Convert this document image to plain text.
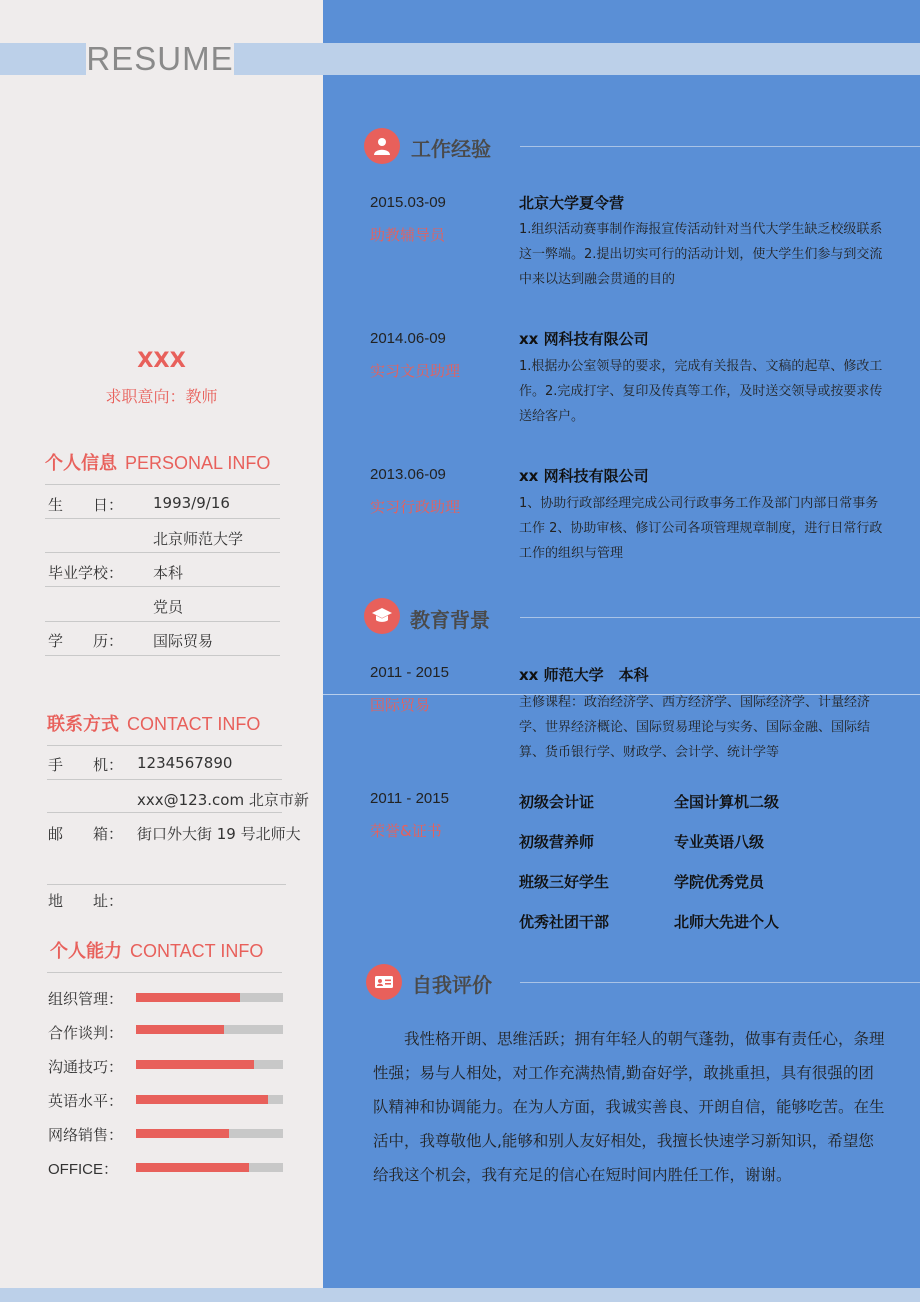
RESUME
XXX
求职意向：教师
个人信息 PERSONAL INFO
生　　日： 1993/9/16
北京师范大学
毕业学校： 本科
党员
学　　历： 国际贸易
联系方式 CONTACT INFO
手　　机： 1234567890
xxx@123.com 北京市新
邮　　箱： 街口外大街 19 号北师大
地　　址：
个人能力 CONTACT INFO
组织管理：
合作谈判：
沟通技巧：
英语水平：
网络销售：
OFFICE：
工作经验
2015.03-09
助教辅导员
北京大学夏令营
1.组织活动赛事制作海报宣传活动针对当代大学生缺乏校级联系这一弊端。2.提出切实可行的活动计划，使大学生们参与到交流中来以达到融会贯通的目的
2014.06-09
实习文员助理
xx 网科技有限公司
1.根据办公室领导的要求，完成有关报告、文稿的起草、修改工作。2.完成打字、复印及传真等工作，及时送交领导或按要求传送给客户。
2013.06-09
实习行政助理
xx 网科技有限公司
1、协助行政部经理完成公司行政事务工作及部门内部日常事务工作 2、协助审核、修订公司各项管理规章制度，进行日常行政工作的组织与管理
教育背景
2011 - 2015
国际贸易
xx 师范大学　本科
主修课程：政治经济学、西方经济学、国际经济学、计量经济学、世界经济概论、国际贸易理论与实务、国际金融、国际结算、货币银行学、财政学、会计学、统计学等
2011 - 2015
荣誉&证书
初级会计证	全国计算机二级
初级营养师	专业英语八级
班级三好学生	学院优秀党员
优秀社团干部	北师大先进个人
自我评价
我性格开朗、思维活跃；拥有年轻人的朝气蓬勃，做事有责任心，条理性强；易与人相处，对工作充满热情,勤奋好学，敢挑重担，具有很强的团队精神和协调能力。在为人方面，我诚实善良、开朗自信，能够吃苦。在生活中，我尊敬他人,能够和别人友好相处，我擅长快速学习新知识，希望您给我这个机会，我有充足的信心在短时间内胜任工作，谢谢。
